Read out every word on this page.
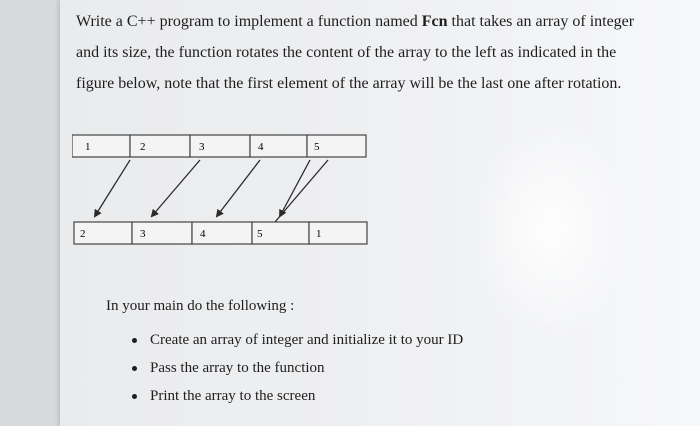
Write a C++ program to implement a function named Fcn that takes an array of integer
and its size, the function rotates the content of the array to the left as indicated in the
figure below, note that the first element of the array will be the last one after rotation.

1	2	3	4	5
2	3	4	5	1

In your main do the following :

Create an array of integer and initialize it to your ID
Pass the array to the function
Print the array to the screen
